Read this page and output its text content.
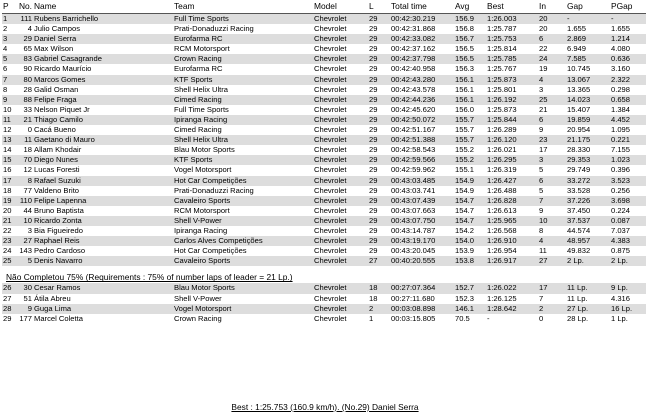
P	No.	Name	Team	Model	L	Total time	Avg	Best	In	Gap	PGap
1	111	Rubens Barrichello	Full Time Sports	Chevrolet	29	00:42:30.219	156.9	1:26.003	20	-	-
2	4	Julio Campos	Prati-Donaduzzi Racing	Chevrolet	29	00:42:31.868	156.8	1:25.787	20	1.655	1.655
3	29	Daniel Serra	Eurofarma RC	Chevrolet	29	00:42:33.082	156.7	1:25.753	6	2.869	1.214
4	65	Max Wilson	RCM Motorsport	Chevrolet	29	00:42:37.162	156.5	1:25.814	22	6.949	4.080
5	83	Gabriel Casagrande	Crown Racing	Chevrolet	29	00:42:37.798	156.5	1:25.785	24	7.585	0.636
6	90	Ricardo Maurício	Eurofarma RC	Chevrolet	29	00:42:40.958	156.3	1:25.767	19	10.745	3.160
7	80	Marcos Gomes	KTF Sports	Chevrolet	29	00:42:43.280	156.1	1:25.873	4	13.067	2.322
8	28	Galid Osman	Shell Helix Ultra	Chevrolet	29	00:42:43.578	156.1	1:25.801	3	13.365	0.298
9	88	Felipe Fraga	Cimed Racing	Chevrolet	29	00:42:44.236	156.1	1:26.192	25	14.023	0.658
10	33	Nelson Piquet Jr	Full Time Sports	Chevrolet	29	00:42:45.620	156.0	1:25.873	21	15.407	1.384
11	21	Thiago Camilo	Ipiranga Racing	Chevrolet	29	00:42:50.072	155.7	1:25.844	6	19.859	4.452
12	0	Cacá Bueno	Cimed Racing	Chevrolet	29	00:42:51.167	155.7	1:26.289	9	20.954	1.095
13	11	Gaetano di Mauro	Shell Helix Ultra	Chevrolet	29	00:42:51.388	155.7	1:26.120	23	21.175	0.221
14	18	Allam Khodair	Blau Motor Sports	Chevrolet	29	00:42:58.543	155.2	1:26.021	17	28.330	7.155
15	70	Diego Nunes	KTF Sports	Chevrolet	29	00:42:59.566	155.2	1:26.295	3	29.353	1.023
16	12	Lucas Foresti	Vogel Motorsport	Chevrolet	29	00:42:59.962	155.1	1:26.319	5	29.749	0.396
17	8	Rafael Suzuki	Hot Car Competições	Chevrolet	29	00:43:03.485	154.9	1:26.427	6	33.272	3.523
18	77	Valdeno Brito	Prati-Donaduzzi Racing	Chevrolet	29	00:43:03.741	154.9	1:26.488	5	33.528	0.256
19	110	Felipe Lapenna	Cavaleiro Sports	Chevrolet	29	00:43:07.439	154.7	1:26.828	7	37.226	3.698
20	44	Bruno Baptista	RCM Motorsport	Chevrolet	29	00:43:07.663	154.7	1:26.613	9	37.450	0.224
21	10	Ricardo Zonta	Shell V-Power	Chevrolet	29	00:43:07.750	154.7	1:25.965	10	37.537	0.087
22	3	Bia Figueiredo	Ipiranga Racing	Chevrolet	29	00:43:14.787	154.2	1:26.568	8	44.574	7.037
23	27	Raphael Reis	Carlos Alves Competições	Chevrolet	29	00:43:19.170	154.0	1:26.910	4	48.957	4.383
24	143	Pedro Cardoso	Hot Car Competições	Chevrolet	29	00:43:20.045	153.9	1:26.954	11	49.832	0.875
25	5	Denis Navarro	Cavaleiro Sports	Chevrolet	27	00:40:20.555	153.8	1:26.917	27	2 Lp.	2 Lp.
Não Completou 75% (Requirements : 75% of number laps of leader = 21 Lp.)											
26	30	Cesar Ramos	Blau Motor Sports	Chevrolet	18	00:27:07.364	152.7	1:26.022	17	11 Lp.	9 Lp.
27	51	Átila Abreu	Shell V-Power	Chevrolet	18	00:27:11.680	152.3	1:26.125	7	11 Lp.	4.316
28	9	Guga Lima	Vogel Motorsport	Chevrolet	2	00:03:08.898	146.1	1:28.642	2	27 Lp.	16 Lp.
29	177	Marcel Coletta	Crown Racing	Chevrolet	1	00:03:15.805	70.5	-	0	28 Lp.	1 Lp.
Best : 1:25.753 (160.9 km/h). (No.29) Daniel Serra
